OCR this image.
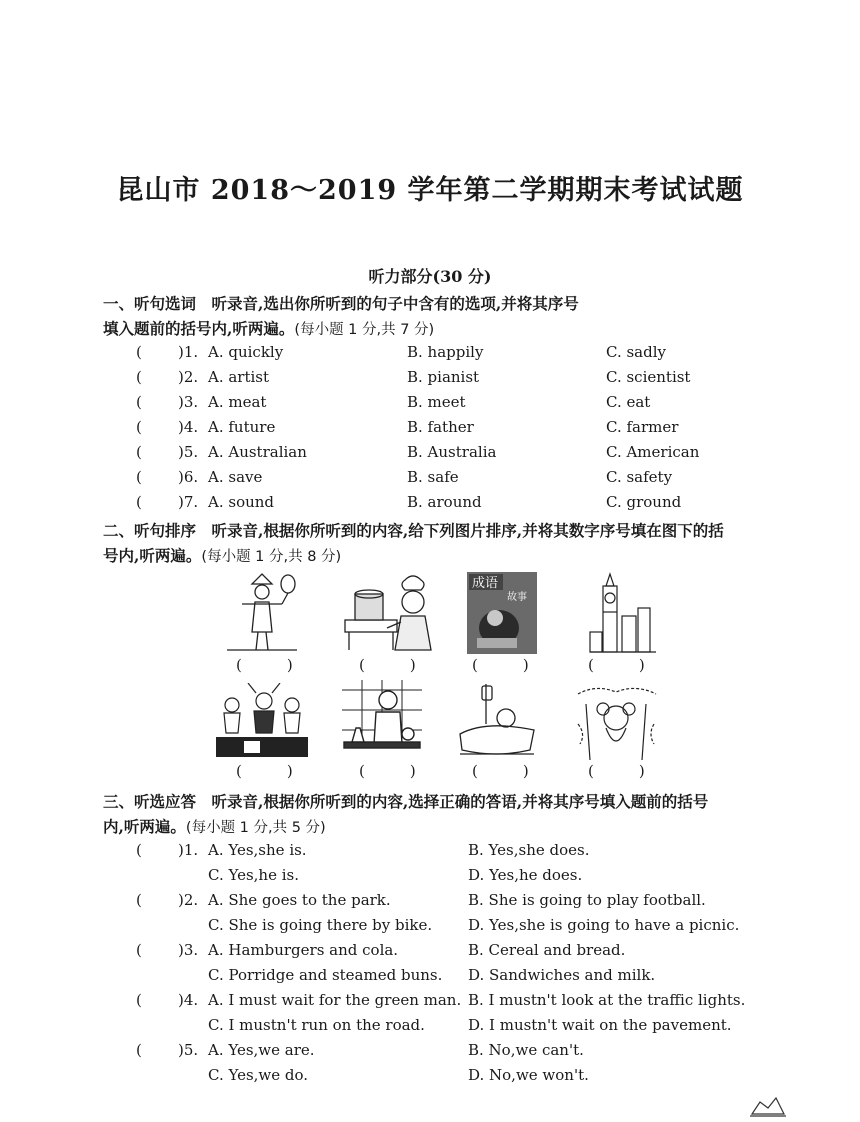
昆山市 2018～2019 学年第二学期期末考试试题
听力部分(30 分)
一、听句选词　听录音,选出你所听到的句子中含有的选项,并将其序号
填入题前的括号内,听两遍。(每小题 1 分,共 7 分)
( )1. A. quickly	B. happily	C. sadly
( )2. A. artist	B. pianist	C. scientist
( )3. A. meat	B. meet	C. eat
( )4. A. future	B. father	C. farmer
( )5. A. Australian	B. Australia	C. American
( )6. A. save	B. safe	C. safety
( )7. A. sound	B. around	C. ground
二、听句排序　听录音,根据你所听到的内容,给下列图片排序,并将其数字序号填在图下的括
号内,听两遍。(每小题 1 分,共 8 分)
成语
故事
(　　　)	(　　　)	(　　　)	(　　　)
(　　　)	(　　　)	(　　　)	(　　　)
三、听选应答　听录音,根据你所听到的内容,选择正确的答语,并将其序号填入题前的括号
内,听两遍。(每小题 1 分,共 5 分)
( )1. A. Yes,she is.	B. Yes,she does.
C. Yes,he is.	D. Yes,he does.
( )2. A. She goes to the park.	B. She is going to play football.
C. She is going there by bike. D. Yes,she is going to have a picnic.
( )3. A. Hamburgers and cola.	B. Cereal and bread.
C. Porridge and steamed buns. D. Sandwiches and milk.
( )4. A. I must wait for the green man. B. I mustn't look at the traffic lights.
C. I mustn't run on the road.	D. I mustn't wait on the pavement.
( )5. A. Yes,we are.	B. No,we can't.
C. Yes,we do.	D. No,we won't.
